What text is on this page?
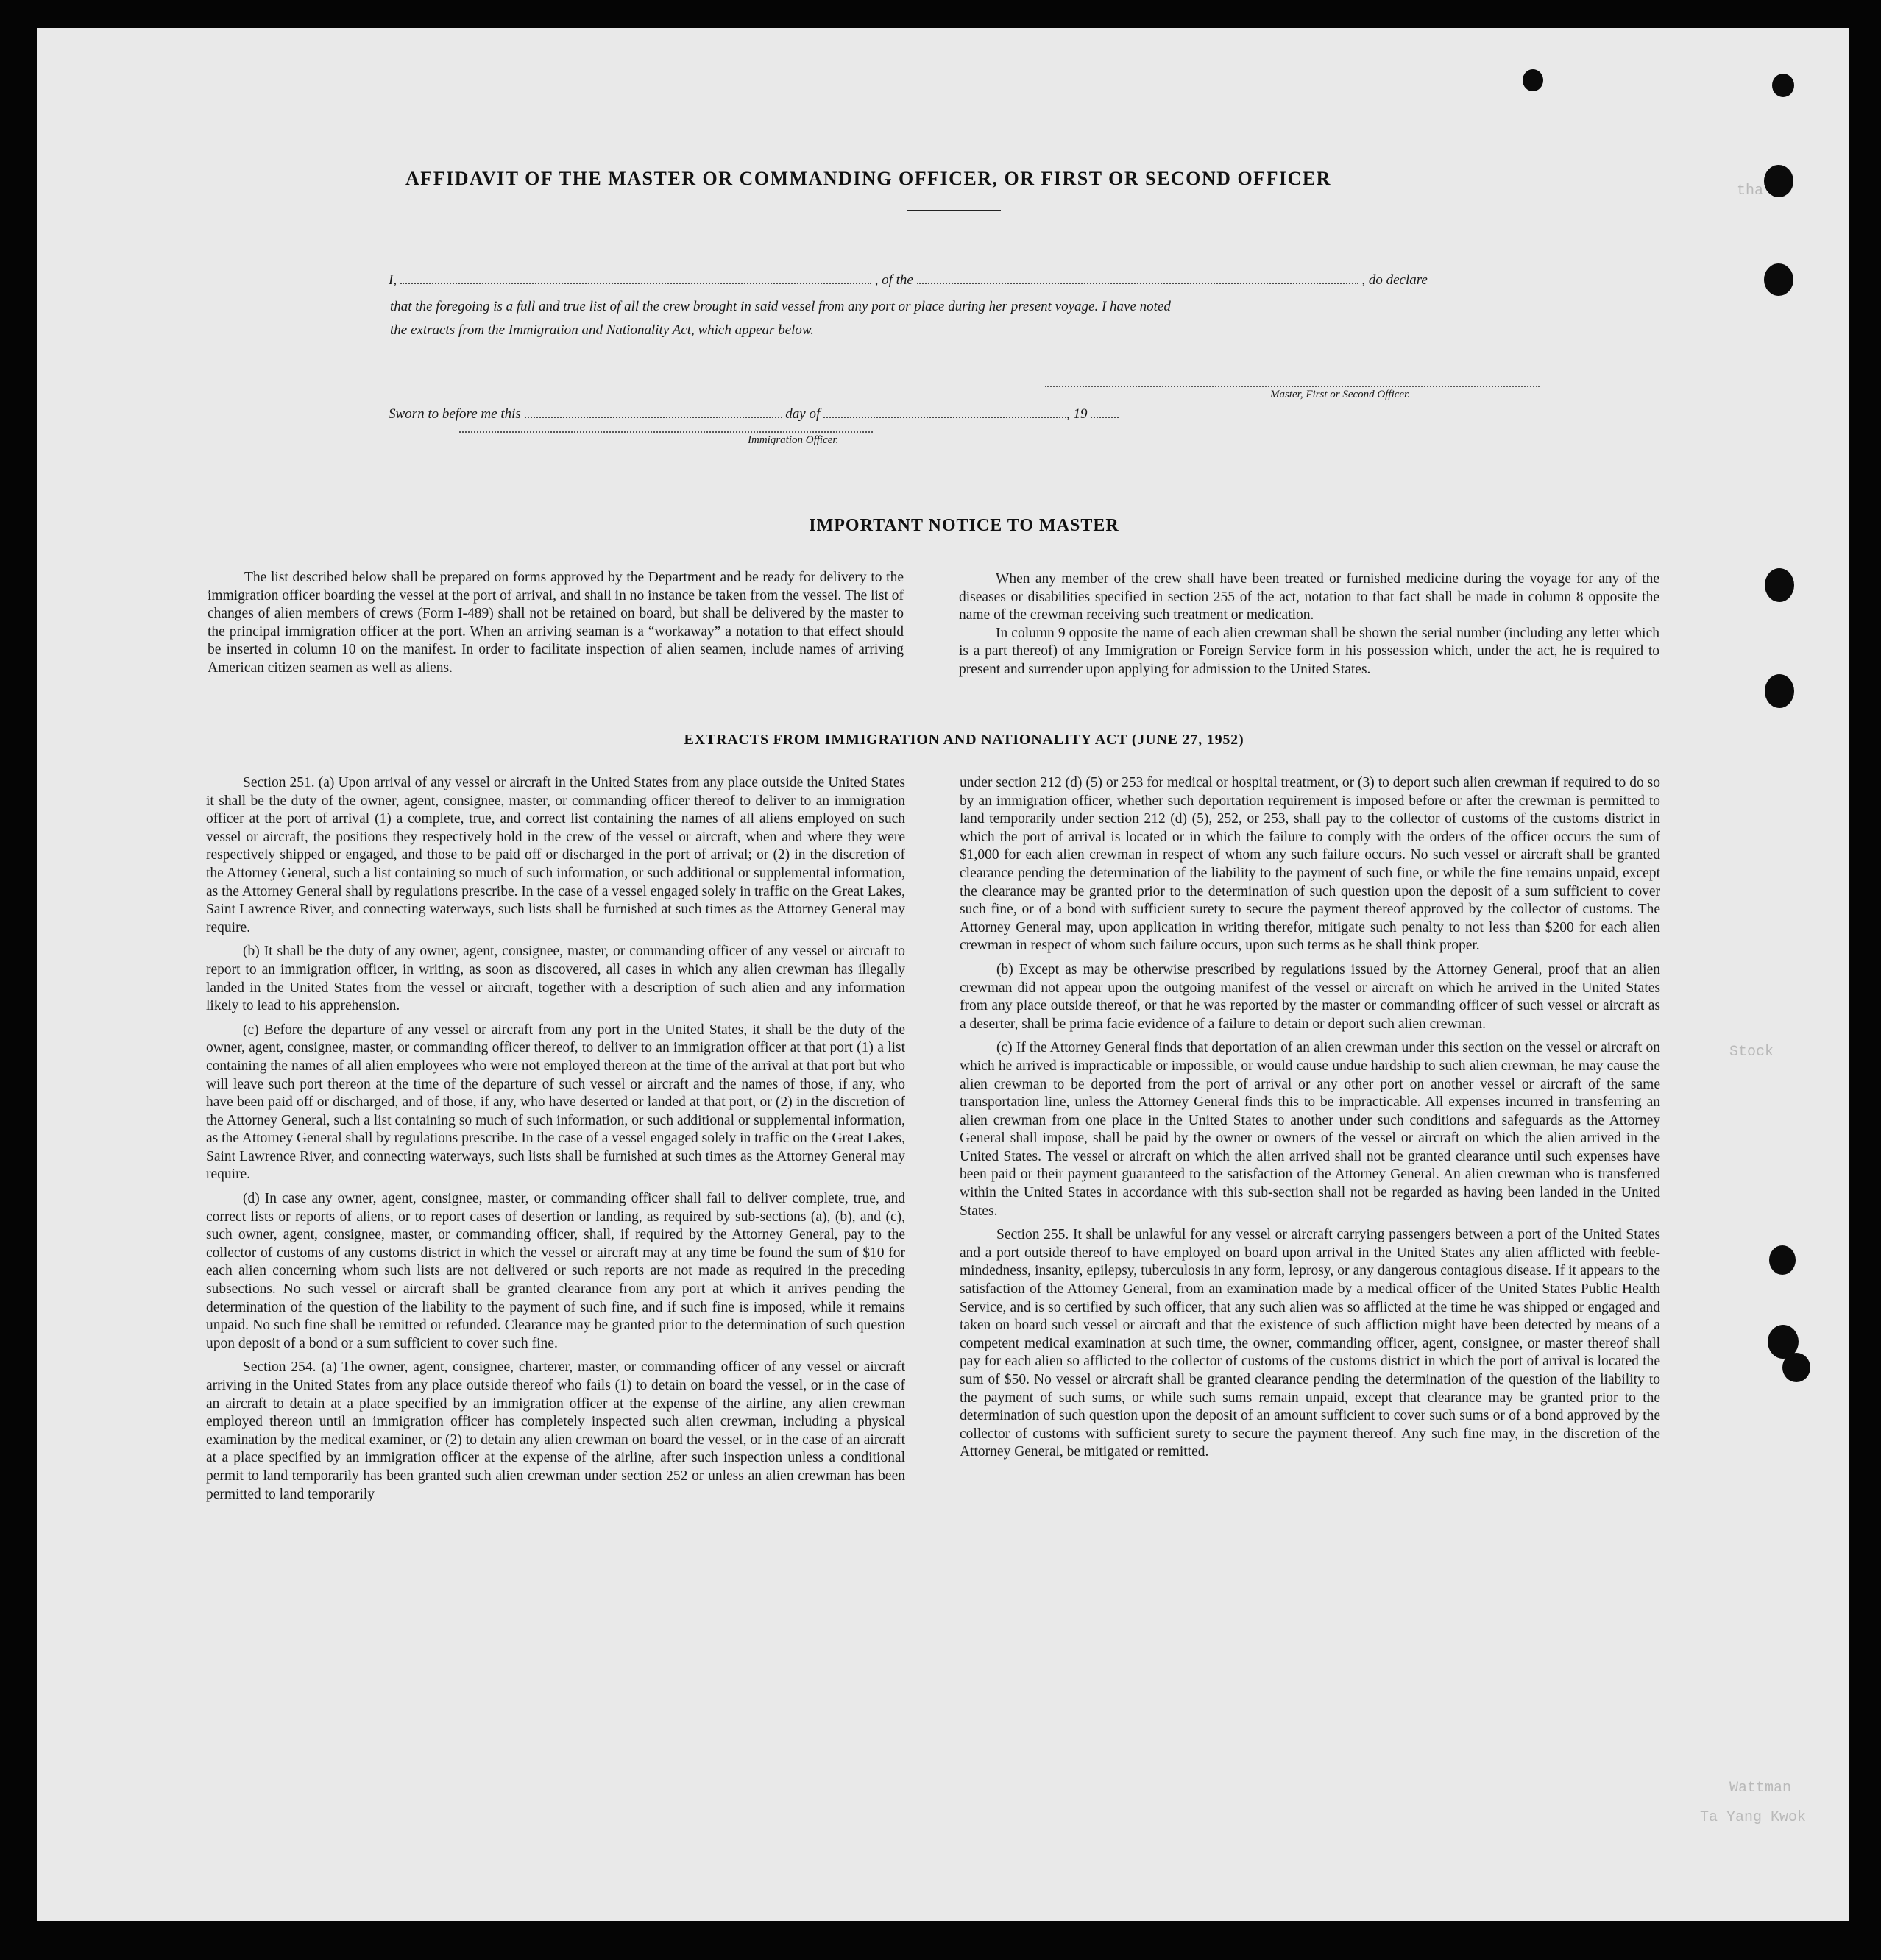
tha
Stock
Wattman
Ta Yang Kwok
AFFIDAVIT OF THE MASTER OR COMMANDING OFFICER, OR FIRST OR SECOND OFFICER
I,	, of the	, do declare
that the foregoing is a full and true list of all the crew brought in said vessel from any port or place during her present voyage. I have noted
the extracts from the Immigration and Nationality Act, which appear below.
Master, First or Second Officer.
Sworn to before me this	day of	, 19
Immigration Officer.
IMPORTANT NOTICE TO MASTER

The list described below shall be prepared on forms approved by the Department and be ready for delivery to the immigration officer boarding the vessel at the port of arrival, and shall in no instance be taken from the vessel. The list of changes of alien members of crews (Form I-489) shall not be retained on board, but shall be delivered by the master to the principal immigration officer at the port. When an arriving seaman is a “workaway” a notation to that effect should be inserted in column 10 on the manifest. In order to facilitate inspection of alien seamen, include names of arriving American citizen seamen as well as aliens.

When any member of the crew shall have been treated or furnished medicine during the voyage for any of the diseases or disabilities specified in section 255 of the act, notation to that fact shall be made in column 8 opposite the name of the crewman receiving such treatment or medication.

In column 9 opposite the name of each alien crewman shall be shown the serial number (including any letter which is a part thereof) of any Immigration or Foreign Service form in his possession which, under the act, he is required to present and surrender upon applying for admission to the United States.

EXTRACTS FROM IMMIGRATION AND NATIONALITY ACT (JUNE 27, 1952)

Section 251. (a) Upon arrival of any vessel or aircraft in the United States from any place outside the United States it shall be the duty of the owner, agent, consignee, master, or commanding officer thereof to deliver to an immigration officer at the port of arrival (1) a complete, true, and correct list containing the names of all aliens employed on such vessel or aircraft, the positions they respectively hold in the crew of the vessel or aircraft, when and where they were respectively shipped or engaged, and those to be paid off or discharged in the port of arrival; or (2) in the discretion of the Attorney General, such a list containing so much of such information, or such additional or supplemental information, as the Attorney General shall by regulations prescribe. In the case of a vessel engaged solely in traffic on the Great Lakes, Saint Lawrence River, and connecting waterways, such lists shall be furnished at such times as the Attorney General may require.

(b) It shall be the duty of any owner, agent, consignee, master, or commanding officer of any vessel or aircraft to report to an immigration officer, in writing, as soon as discovered, all cases in which any alien crewman has illegally landed in the United States from the vessel or aircraft, together with a description of such alien and any information likely to lead to his apprehension.

(c) Before the departure of any vessel or aircraft from any port in the United States, it shall be the duty of the owner, agent, consignee, master, or commanding officer thereof, to deliver to an immigration officer at that port (1) a list containing the names of all alien employees who were not employed thereon at the time of the arrival at that port but who will leave such port thereon at the time of the departure of such vessel or aircraft and the names of those, if any, who have been paid off or discharged, and of those, if any, who have deserted or landed at that port, or (2) in the discretion of the Attorney General, such a list containing so much of such information, or such additional or supplemental information, as the Attorney General shall by regulations prescribe. In the case of a vessel engaged solely in traffic on the Great Lakes, Saint Lawrence River, and connecting waterways, such lists shall be furnished at such times as the Attorney General may require.

(d) In case any owner, agent, consignee, master, or commanding officer shall fail to deliver complete, true, and correct lists or reports of aliens, or to report cases of desertion or landing, as required by sub-sections (a), (b), and (c), such owner, agent, consignee, master, or commanding officer, shall, if required by the Attorney General, pay to the collector of customs of any customs district in which the vessel or aircraft may at any time be found the sum of $10 for each alien concerning whom such lists are not delivered or such reports are not made as required in the preceding subsections. No such vessel or aircraft shall be granted clearance from any port at which it arrives pending the determination of the question of the liability to the payment of such fine, and if such fine is imposed, while it remains unpaid. No such fine shall be remitted or refunded. Clearance may be granted prior to the determination of such question upon deposit of a bond or a sum sufficient to cover such fine.

Section 254. (a) The owner, agent, consignee, charterer, master, or commanding officer of any vessel or aircraft arriving in the United States from any place outside thereof who fails (1) to detain on board the vessel, or in the case of an aircraft to detain at a place specified by an immigration officer at the expense of the airline, any alien crewman employed thereon until an immigration officer has completely inspected such alien crewman, including a physical examination by the medical examiner, or (2) to detain any alien crewman on board the vessel, or in the case of an aircraft at a place specified by an immigration officer at the expense of the airline, after such inspection unless a conditional permit to land temporarily has been granted such alien crewman under section 252 or unless an alien crewman has been permitted to land temporarily

under section 212 (d) (5) or 253 for medical or hospital treatment, or (3) to deport such alien crewman if required to do so by an immigration officer, whether such deportation requirement is imposed before or after the crewman is permitted to land temporarily under section 212 (d) (5), 252, or 253, shall pay to the collector of customs of the customs district in which the port of arrival is located or in which the failure to comply with the orders of the officer occurs the sum of $1,000 for each alien crewman in respect of whom any such failure occurs. No such vessel or aircraft shall be granted clearance pending the determination of the liability to the payment of such fine, or while the fine remains unpaid, except the clearance may be granted prior to the determination of such question upon the deposit of a sum sufficient to cover such fine, or of a bond with sufficient surety to secure the payment thereof approved by the collector of customs. The Attorney General may, upon application in writing therefor, mitigate such penalty to not less than $200 for each alien crewman in respect of whom such failure occurs, upon such terms as he shall think proper.

(b) Except as may be otherwise prescribed by regulations issued by the Attorney General, proof that an alien crewman did not appear upon the outgoing manifest of the vessel or aircraft on which he arrived in the United States from any place outside thereof, or that he was reported by the master or commanding officer of such vessel or aircraft as a deserter, shall be prima facie evidence of a failure to detain or deport such alien crewman.

(c) If the Attorney General finds that deportation of an alien crewman under this section on the vessel or aircraft on which he arrived is impracticable or impossible, or would cause undue hardship to such alien crewman, he may cause the alien crewman to be deported from the port of arrival or any other port on another vessel or aircraft of the same transportation line, unless the Attorney General finds this to be impracticable. All expenses incurred in transferring an alien crewman from one place in the United States to another under such conditions and safeguards as the Attorney General shall impose, shall be paid by the owner or owners of the vessel or aircraft on which the alien arrived in the United States. The vessel or aircraft on which the alien arrived shall not be granted clearance until such expenses have been paid or their payment guaranteed to the satisfaction of the Attorney General. An alien crewman who is transferred within the United States in accordance with this sub-section shall not be regarded as having been landed in the United States.

Section 255. It shall be unlawful for any vessel or aircraft carrying passengers between a port of the United States and a port outside thereof to have employed on board upon arrival in the United States any alien afflicted with feeble-mindedness, insanity, epilepsy, tuberculosis in any form, leprosy, or any dangerous contagious disease. If it appears to the satisfaction of the Attorney General, from an examination made by a medical officer of the United States Public Health Service, and is so certified by such officer, that any such alien was so afflicted at the time he was shipped or engaged and taken on board such vessel or aircraft and that the existence of such affliction might have been detected by means of a competent medical examination at such time, the owner, commanding officer, agent, consignee, or master thereof shall pay for each alien so afflicted to the collector of customs of the customs district in which the port of arrival is located the sum of $50. No vessel or aircraft shall be granted clearance pending the determination of the question of the liability to the payment of such sums, or while such sums remain unpaid, except that clearance may be granted prior to the determination of such question upon the deposit of an amount sufficient to cover such sums or of a bond approved by the collector of customs with sufficient surety to secure the payment thereof. Any such fine may, in the discretion of the Attorney General, be mitigated or remitted.
